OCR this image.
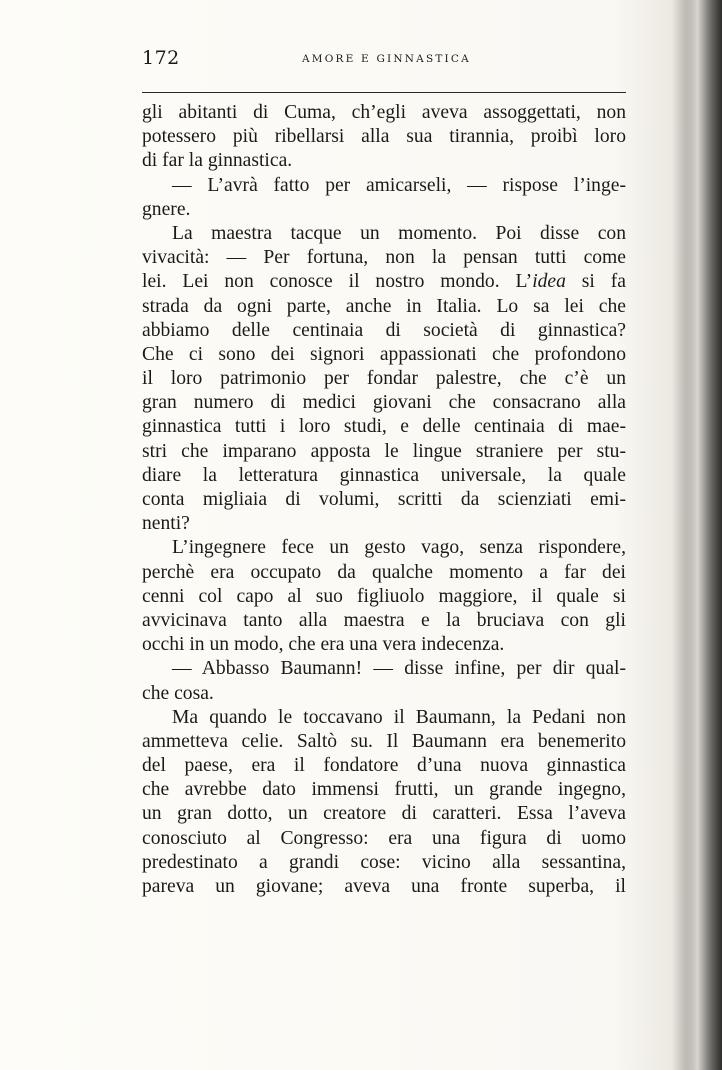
172	AMORE E GINNASTICA
gli abitanti di Cuma, ch’egli aveva assoggettati, non
potessero più ribellarsi alla sua tirannia, proibì loro
di far la ginnastica.
— L’avrà fatto per amicarseli, — rispose l’inge-
gnere.
La maestra tacque un momento. Poi disse con
vivacità: — Per fortuna, non la pensan tutti come
lei. Lei non conosce il nostro mondo. L’idea si fa
strada da ogni parte, anche in Italia. Lo sa lei che
abbiamo delle centinaia di società di ginnastica?
Che ci sono dei signori appassionati che profondono
il loro patrimonio per fondar palestre, che c’è un
gran numero di medici giovani che consacrano alla
ginnastica tutti i loro studi, e delle centinaia di mae-
stri che imparano apposta le lingue straniere per stu-
diare la letteratura ginnastica universale, la quale
conta migliaia di volumi, scritti da scienziati emi-
nenti?
L’ingegnere fece un gesto vago, senza rispondere,
perchè era occupato da qualche momento a far dei
cenni col capo al suo figliuolo maggiore, il quale si
avvicinava tanto alla maestra e la bruciava con gli
occhi in un modo, che era una vera indecenza.
— Abbasso Baumann! — disse infine, per dir qual-
che cosa.
Ma quando le toccavano il Baumann, la Pedani non
ammetteva celie. Saltò su. Il Baumann era benemerito
del paese, era il fondatore d’una nuova ginnastica
che avrebbe dato immensi frutti, un grande ingegno,
un gran dotto, un creatore di caratteri. Essa l’aveva
conosciuto al Congresso: era una figura di uomo
predestinato a grandi cose: vicino alla sessantina,
pareva un giovane; aveva una fronte superba, il
